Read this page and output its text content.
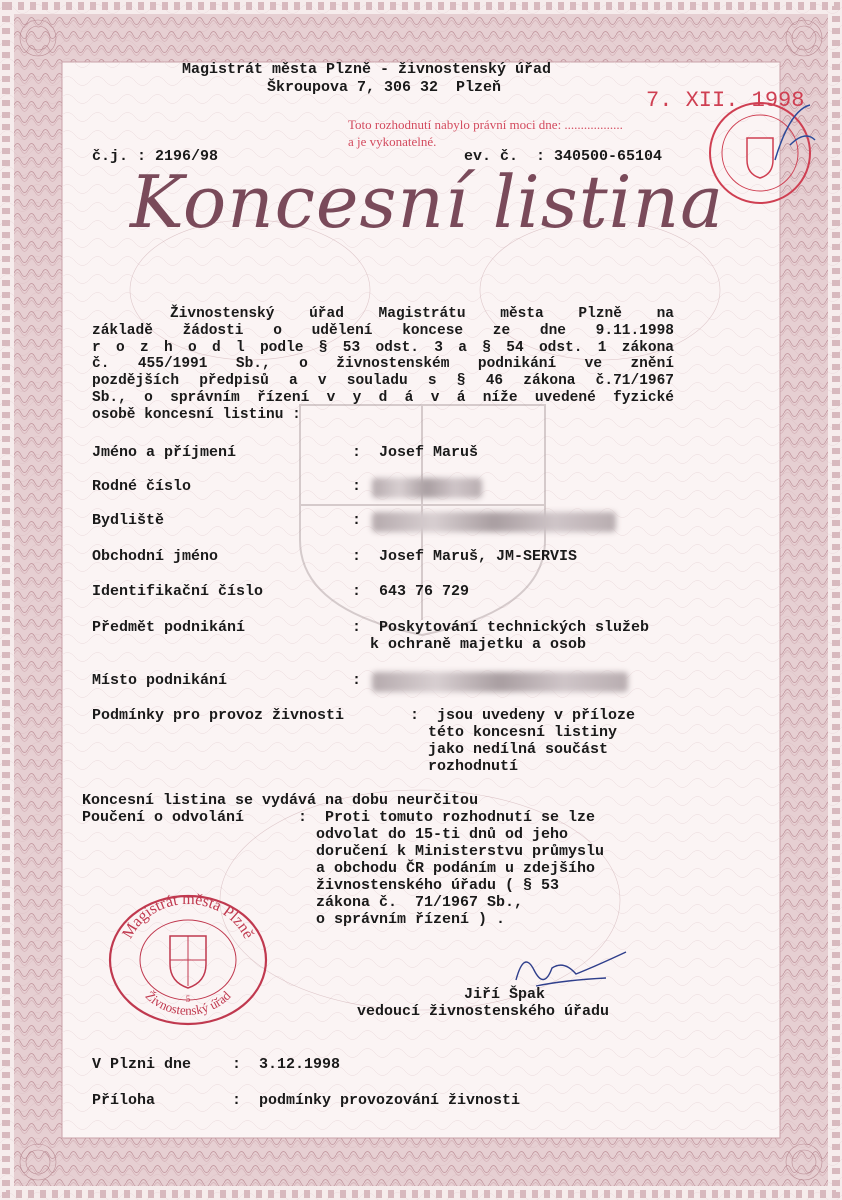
Magistrát města Plzně - živnostenský úřad
Škroupova 7, 306 32  Plzeň
Toto rozhodnutí nabylo právní moci dne: ..................
a je vykonatelné.
7. XII. 1998
č.j. : 2196/98	ev. č.  : 340500-65104
Koncesní listina
Živnostenský úřad Magistrátu města Plzně na
základě žádosti o udělení koncese ze dne 9.11.1998
r o z h o d l podle § 53 odst. 3 a § 54 odst. 1 zákona
č. 455/1991 Sb., o živnostenském podnikání ve znění
pozdějších předpisů a v souladu s § 46 zákona č.71/1967
Sb., o správním řízení v y d á v á níže uvedené fyzické
osobě koncesní listinu :
Jméno a příjmení	:  Josef Maruš
Rodné číslo	:
Bydliště	:
Obchodní jméno	:  Josef Maruš, JM-SERVIS
Identifikační číslo	:  643 76 729
Předmět podnikání	:  Poskytování technických služeb
k ochraně majetku a osob
Místo podnikání	:
Podmínky pro provoz živnosti	:  jsou uvedeny v příloze
této koncesní listiny
jako nedílná součást
rozhodnutí
Koncesní listina se vydává na dobu neurčitou
Poučení o odvolání	:  Proti tomuto rozhodnutí se lze
odvolat do 15-ti dnů od jeho
doručení k Ministerstvu průmyslu
a obchodu ČR podáním u zdejšího
živnostenského úřadu ( § 53
zákona č.  71/1967 Sb.,
o správním řízení ) .
Magistrát města Plzně
Živnostenský úřad
5	Jiří Špak
vedoucí živnostenského úřadu
V Plzni dne	:  3.12.1998
Příloha	:  podmínky provozování živnosti
